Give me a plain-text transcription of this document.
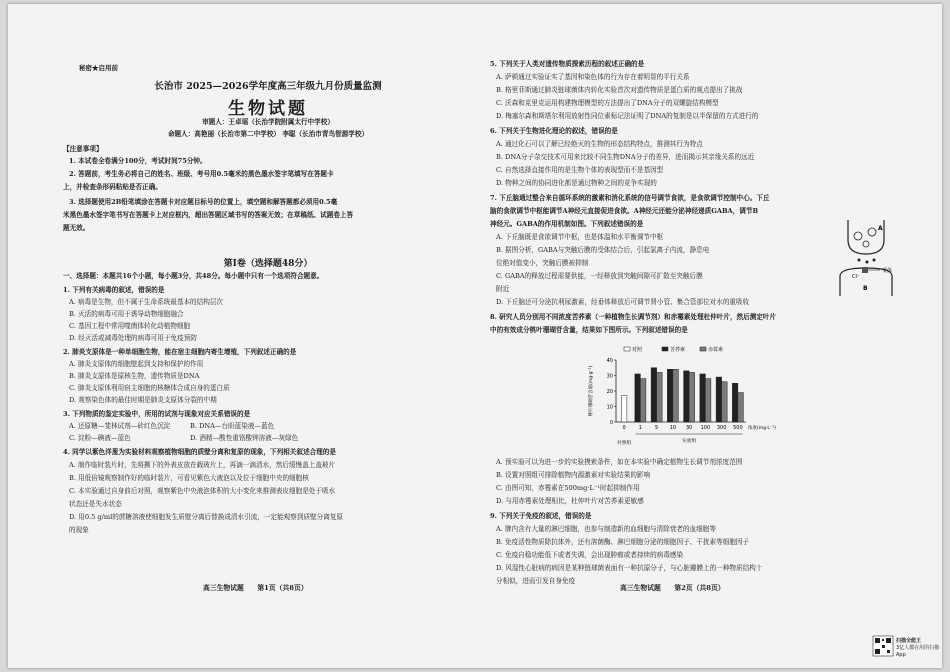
秘密★启用前
长治市 2025—2026学年度高三年级九月份质量监测
生物试题
审题人：王卓瑶（长治学院附属太行中学校）
命题人：高艳丽（长治市第二中学校） 李聪（长治市青鸟智源学校）
【注意事项】
1. 本试卷全卷满分100分，考试时间75分钟。
2. 答题前，考生务必将自己的姓名、班级、考号用0.5毫米的黑色墨水签字笔填写在答题卡
上，并检查条形码粘贴是否正确。
3. 选择题使用2B铅笔填涂在答题卡对应题目标号的位置上，填空题和解答题都必须用0.5毫
米黑色墨水签字笔书写在答题卡上对应框内，超出答题区域书写的答案无效；在草稿纸、试题卷上答
题无效。
第Ⅰ卷（选择题48分）
一、选择题：本题共16个小题，每小题3分，共48分。每小题中只有一个选项符合题意。
1. 下列有关病毒的叙述，错误的是
A. 病毒是生物，但不属于生命系统最基本的结构层次
B. 灭活的病毒可用于诱导动物细胞融合
C. 基因工程中常用噬菌体转化动植物细胞
D. 经灭活或减毒处理的病毒可用于免疫预防
2. 肺炎支原体是一种单细胞生物，能在宿主细胞内寄生增殖，下列叙述正确的是
A. 肺炎支原体的细胞壁起到支持和保护的作用
B. 肺炎支原体是原核生物，遗传物质是DNA
C. 肺炎支原体利用宿主细胞的核糖体合成自身的蛋白质
D. 观察染色体的最佳时期是肺炎支原体分裂的中期
3. 下列物质的鉴定实验中，所用的试剂与现象对应关系错误的是
A. 还原糖—斐林试剂—砖红色沉淀　　　B. DNA—台盼蓝染液—蓝色
C. 淀粉—碘液—蓝色　　　　　　　　　D. 酒精—酸性重铬酸钾溶液—灰绿色
4. 同学以紫色洋葱为实验材料观察植物细胞的质壁分离和复原的现象，下列相关叙述合理的是
A. 制作临时装片时，先将撕下的外表皮放在载玻片上，再滴一滴清水，然后缓慢盖上盖玻片
B. 用低倍镜观察制作好的临时装片，可看见紫色大液泡以及位于细胞中央的细胞核
C. 本实验通过自身前后对照，观察紫色中央液泡体积的大小变化来推测表皮细胞是处于吸水
状态还是失水状态
D. 用0.5 g/ml的蔗糖溶液使细胞发生质壁分离后替换成清水引流，一定能观察到质壁分离复原
的现象
高三生物试题　　第1页（共8页）
5. 下列关于人类对遗传物质探索历程的叙述正确的是
A. 萨顿通过实验证实了基因和染色体的行为存在着明显的平行关系
B. 格里菲斯通过肺炎链球菌体内转化实验首次对遗传物质是蛋白质的观点提出了挑战
C. 沃森和克里克运用构建物理模型的方法提出了DNA分子的双螺旋结构模型
D. 梅塞尔森和斯塔尔利用放射性同位素标记法证明了DNA的复制是以半保留的方式进行的
6. 下列关于生物进化理论的叙述，错误的是
A. 通过化石可以了解已经绝灭的生物的形态结构特点，推测其行为特点
B. DNA分子杂交技术可用来比较不同生物DNA分子的差异，进而揭示其亲缘关系的远近
C. 自然选择直接作用的是生物个体的表现型而不是基因型
D. 物种之间的协同进化都是通过物种之间的竞争实现的
7. 下丘脑通过整合来自循环系统的激素和消化系统的信号调节食欲，是食欲调节控制中心。下丘
脑的食欲调节中枢能调节A神经元直接促进食欲。A神经元还能分泌神经递质GABA，调节B
神经元。GABA的作用机制如图。下列叙述错误的是
A. 下丘脑既是食欲调节中枢，也是体温和水平衡调节中枢
B. 据图分析，GABA与突触后膜的受体结合后，引起氯离子内流，静息电
位绝对值变小，突触后膜被抑制
C. GABA的释放过程需要供能，一经释放到突触间隙可扩散至突触后膜
附近
D. 下丘脑还可分泌抗利尿激素，经垂体释放后可调节肾小管、集合管部位对水的重吸收
A
B
Cl⁻
受体
8. 研究人员分别用不同浓度苦荞素（一种植物生长调节剂）和赤霉素处理杜仲叶片，然后测定叶片
中的有效成分桃叶珊瑚苷含量，结果如下图所示。下列叙述错误的是
0
10
20
30
40
桃叶珊瑚苷含量(mg·g⁻¹)
0	1	5 10 30 100 300 500 浓度(mg·L⁻¹)
对照组	实验组
对照	苦荞素	赤霉素
A. 预实验可以为进一步的实验摸索条件，如在本实验中确定植物生长调节剂浓度范围
B. 设置对照组可排除植物内源激素对实验结果的影响
C. 由图可知，赤霉素在500mg·L⁻¹时起抑制作用
D. 与用赤霉素处理相比，杜仲叶片对苦荞素更敏感
9. 下列关于免疫的叙述，错误的是
A. 脾内含有大量的淋巴细胞，也参与制造新的血细胞与清除衰老的血细胞等
B. 免疫活性物质除抗体外，还有溶菌酶、淋巴细胞分泌的细胞因子、干扰素等细胞因子
C. 免疫自稳功能低下或者失调，会出现肿瘤或者持续的病毒感染
D. 风湿性心脏病的病因是某种链球菌表面有一种抗原分子，与心脏瓣膜上的一种物质结构十
分相似，进而引发自身免疫
高三生物试题　　第2页（共8页）
扫描全能王
3亿人都在用的扫描App
